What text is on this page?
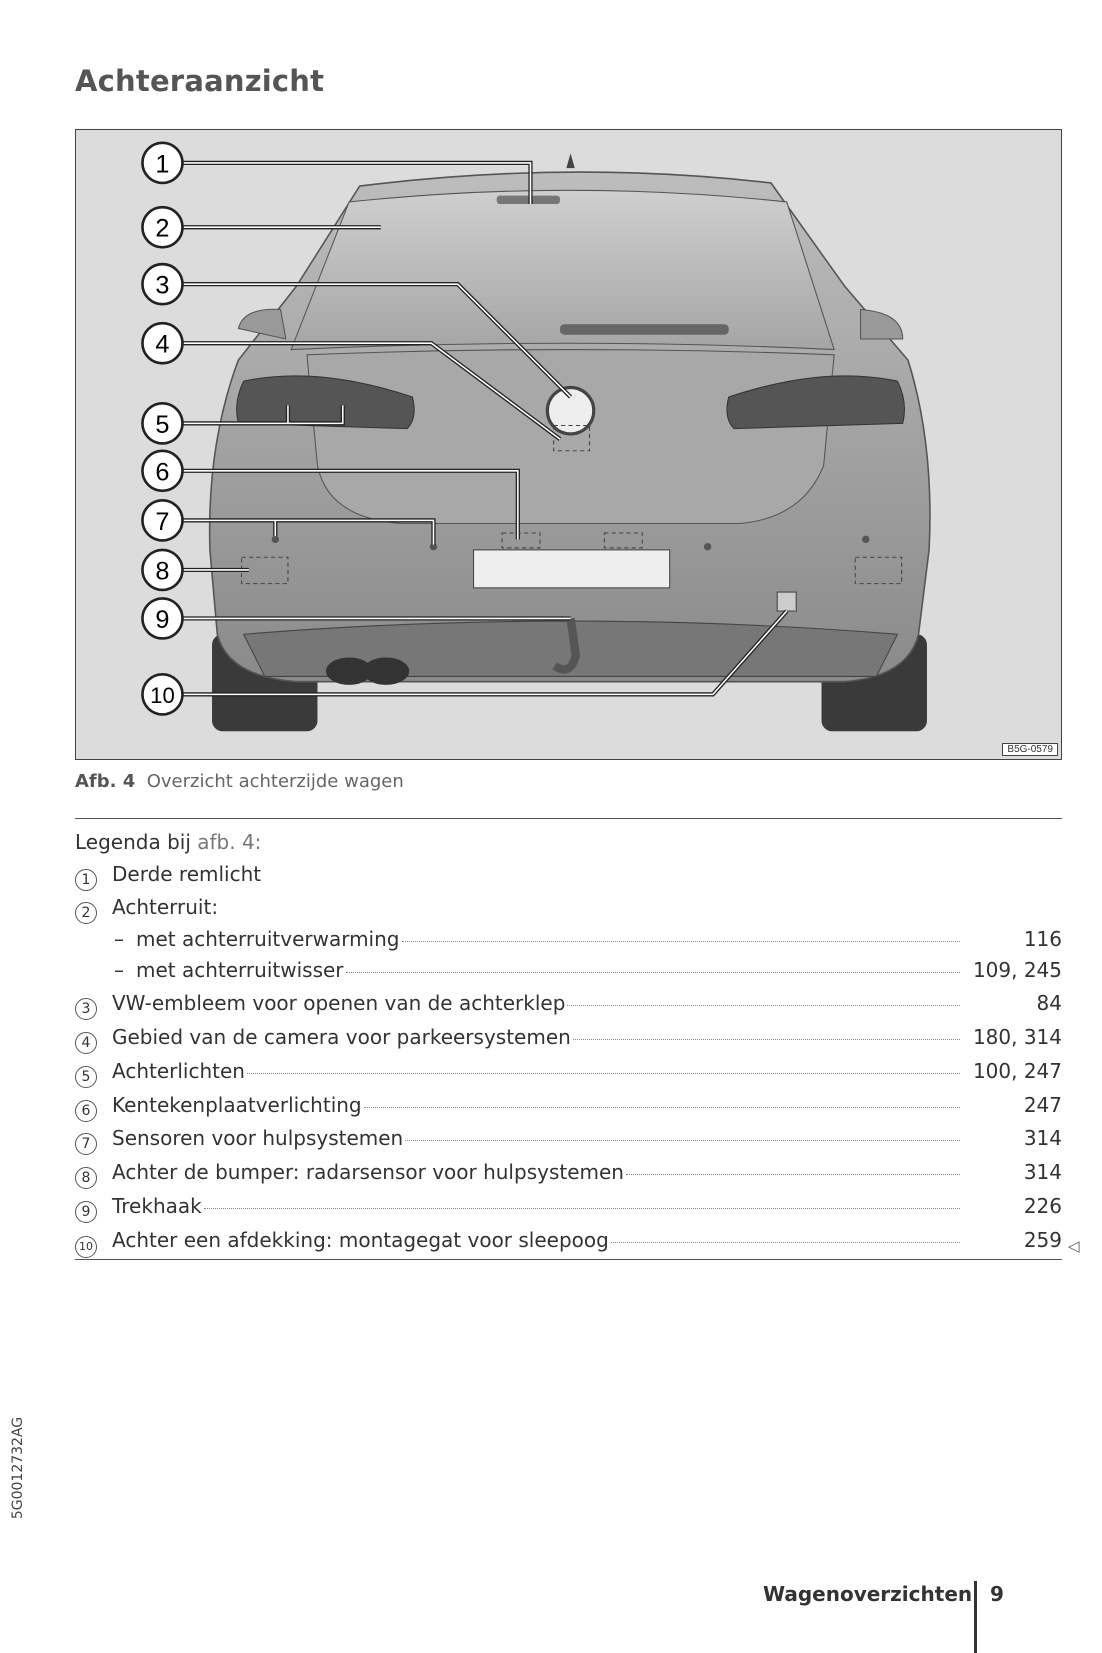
Achteraanzicht
1
2
3
4
5
6
7
8
9
10
B5G-0579
Afb. 4 Overzicht achterzijde wagen
Legenda bij afb. 4:
1	Derde remlicht
2	Achterruit:
– met achterruitverwarming	116
– met achterruitwisser	109, 245
3	VW-embleem voor openen van de achterklep	84
4	Gebied van de camera voor parkeersystemen	180, 314
5	Achterlichten	100, 247
6	Kentekenplaatverlichting	247
7	Sensoren voor hulpsystemen	314
8	Achter de bumper: radarsensor voor hulpsystemen	314
9	Trekhaak	226
10 Achter een afdekking: montagegat voor sleepoog	259 ◁
5G0012732AG
Wagenoverzichten 9
